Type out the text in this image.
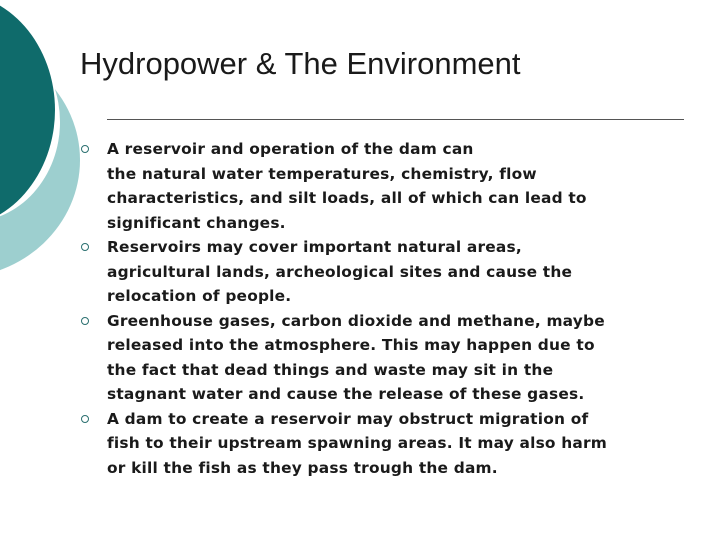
Hydropower & The Environment
A reservoir and operation of the dam can
the natural water temperatures, chemistry, flow
characteristics, and silt loads, all of which can lead to
significant changes.
Reservoirs may cover important natural areas,
agricultural lands, archeological sites and cause the
relocation of people.
Greenhouse gases, carbon dioxide and methane, maybe
released into the atmosphere. This may happen due to
the fact that dead things and waste may sit in the
stagnant water and cause the release of these gases.
A dam to create a reservoir may obstruct migration of
fish to their upstream spawning areas. It may also harm
or kill the fish as they pass trough the dam.
